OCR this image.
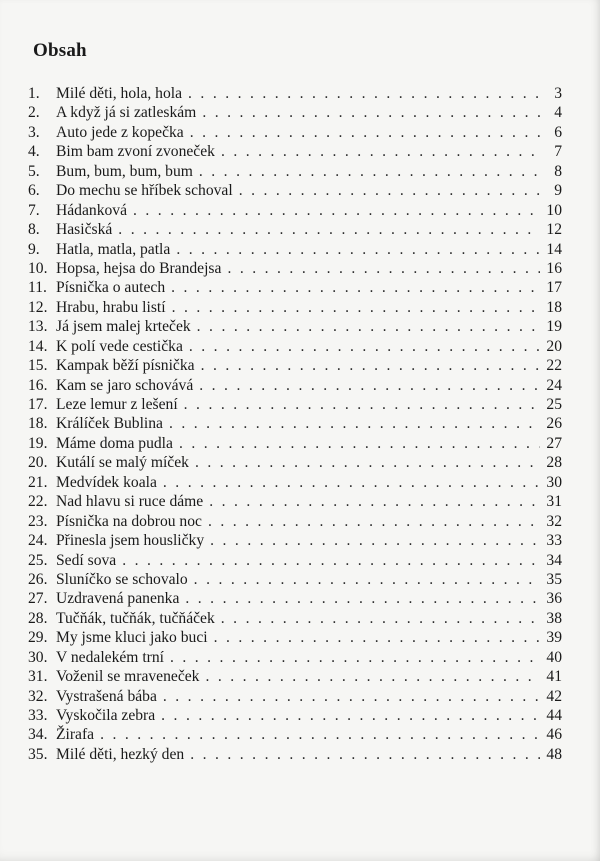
Obsah
1.	Milé děti, hola, hola . . .	3
2.	A když já si zatleskám . . .	4
3.	Auto jede z kopečka . . .	6
4.	Bim bam zvoní zvoneček . . .	7
5.	Bum, bum, bum, bum . . .	8
6.	Do mechu se hříbek schoval . . .	9
7.	Hádanková . . .	10
8.	Hasičská . . .	12
9.	Hatla, matla, patla . . .	14
10. Hopsa, hejsa do Brandejsa . . .	16
11. Písnička o autech . . .	17
12. Hrabu, hrabu listí . . .	18
13. Já jsem malej krteček . . .	19
14. K polí vede cestička . . .	20
15. Kampak běží písnička . . .	22
16. Kam se jaro schovává . . .	24
17. Leze lemur z lešení . . .	25
18. Králíček Bublina . . .	26
19. Máme doma pudla . . .	27
20. Kutálí se malý míček . . .	28
21. Medvídek koala . . .	30
22. Nad hlavu si ruce dáme . . .	31
23. Písnička na dobrou noc . . .	32
24. Přinesla jsem housličky . . .	33
25. Sedí sova . . .	34
26. Sluníčko se schovalo . . .	35
27. Uzdravená panenka . . .	36
28. Tučňák, tučňák, tučňáček . . .	38
29. My jsme kluci jako buci . . .	39
30. V nedalekém trní . . .	40
31. Voženil se mraveneček . . .	41
32. Vystrašená bába . . .	42
33. Vyskočila zebra . . .	44
34. Žirafa . . .	46
35. Milé děti, hezký den . . .	48
